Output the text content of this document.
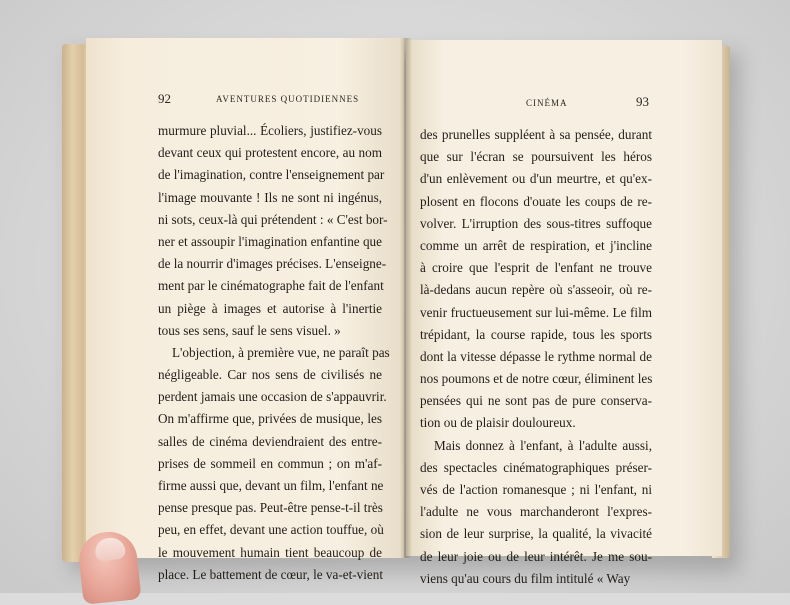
92	AVENTURES QUOTIDIENNES
murmure pluvial... Écoliers, justifiez-vous
devant ceux qui protestent encore, au nom
de l'imagination, contre l'enseignement par
l'image mouvante ! Ils ne sont ni ingénus,
ni sots, ceux-là qui prétendent : « C'est bor-
ner et assoupir l'imagination enfantine que
de la nourrir d'images précises. L'enseigne-
ment par le cinématographe fait de l'enfant
un piège à images et autorise à l'inertie
tous ses sens, sauf le sens visuel. »
L'objection, à première vue, ne paraît pas
négligeable. Car nos sens de civilisés ne
perdent jamais une occasion de s'appauvrir.
On m'affirme que, privées de musique, les
salles de cinéma deviendraient des entre-
prises de sommeil en commun ; on m'af-
firme aussi que, devant un film, l'enfant ne
pense presque pas. Peut-être pense-t-il très
peu, en effet, devant une action touffue, où
le mouvement humain tient beaucoup de
place. Le battement de cœur, le va-et-vient
CINÉMA	93
des prunelles suppléent à sa pensée, durant
que sur l'écran se poursuivent les héros
d'un enlèvement ou d'un meurtre, et qu'ex-
plosent en flocons d'ouate les coups de re-
volver. L'irruption des sous-titres suffoque
comme un arrêt de respiration, et j'incline
à croire que l'esprit de l'enfant ne trouve
là-dedans aucun repère où s'asseoir, où re-
venir fructueusement sur lui-même. Le film
trépidant, la course rapide, tous les sports
dont la vitesse dépasse le rythme normal de
nos poumons et de notre cœur, éliminent les
pensées qui ne sont pas de pure conserva-
tion ou de plaisir douloureux.
Mais donnez à l'enfant, à l'adulte aussi,
des spectacles cinématographiques préser-
vés de l'action romanesque ; ni l'enfant, ni
l'adulte ne vous marchanderont l'expres-
sion de leur surprise, la qualité, la vivacité
de leur joie ou de leur intérêt. Je me sou-
viens qu'au cours du film intitulé « Way
